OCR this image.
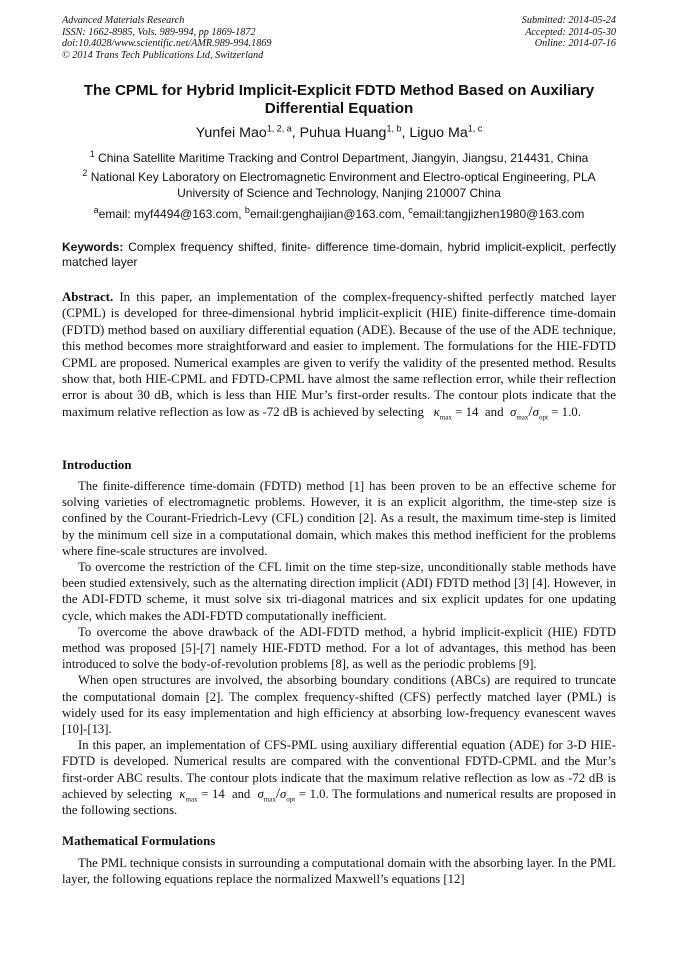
Advanced Materials Research
ISSN: 1662-8985, Vols. 989-994, pp 1869-1872
doi:10.4028/www.scientific.net/AMR.989-994.1869
© 2014 Trans Tech Publications Ltd, Switzerland
Submitted: 2014-05-24
Accepted: 2014-05-30
Online: 2014-07-16
The CPML for Hybrid Implicit-Explicit FDTD Method Based on Auxiliary Differential Equation
Yunfei Mao$^{1, 2, a}$, Puhua Huang$^{1, b}$, Liguo Ma$^{1, c}$
$^1$ China Satellite Maritime Tracking and Control Department, Jiangyin, Jiangsu, 214431, China
$^2$ National Key Laboratory on Electromagnetic Environment and Electro-optical Engineering, PLA University of Science and Technology, Nanjing 210007 China
$^a$email: myf4494@163.com, $^b$email:genghaijian@163.com, $^c$email:tangjizhen1980@163.com
Keywords: Complex frequency shifted, finite- difference time-domain, hybrid implicit-explicit, perfectly matched layer
Abstract. In this paper, an implementation of the complex-frequency-shifted perfectly matched layer (CPML) is developed for three-dimensional hybrid implicit-explicit (HIE) finite-difference time-domain (FDTD) method based on auxiliary differential equation (ADE). Because of the use of the ADE technique, this method becomes more straightforward and easier to implement. The formulations for the HIE-FDTD CPML are proposed. Numerical examples are given to verify the validity of the presented method. Results show that, both HIE-CPML and FDTD-CPML have almost the same reflection error, while their reflection error is about 30 dB, which is less than HIE Mur’s first-order results. The contour plots indicate that the maximum relative reflection as low as -72 dB is achieved by selecting $\kappa_{max} = 14$ and $\sigma_{max}/\sigma_{opt} = 1.0$.
Introduction

The finite-difference time-domain (FDTD) method [1] has been proven to be an effective scheme for solving varieties of electromagnetic problems. However, it is an explicit algorithm, the time-step size is confined by the Courant-Friedrich-Levy (CFL) condition [2]. As a result, the maximum time-step is limited by the minimum cell size in a computational domain, which makes this method inefficient for the problems where fine-scale structures are involved.

To overcome the restriction of the CFL limit on the time step-size, unconditionally stable methods have been studied extensively, such as the alternating direction implicit (ADI) FDTD method [3] [4]. However, in the ADI-FDTD scheme, it must solve six tri-diagonal matrices and six explicit updates for one updating cycle, which makes the ADI-FDTD computationally inefficient.

To overcome the above drawback of the ADI-FDTD method, a hybrid implicit-explicit (HIE) FDTD method was proposed [5]-[7] namely HIE-FDTD method. For a lot of advantages, this method has been introduced to solve the body-of-revolution problems [8], as well as the periodic problems [9].

When open structures are involved, the absorbing boundary conditions (ABCs) are required to truncate the computational domain [2]. The complex frequency-shifted (CFS) perfectly matched layer (PML) is widely used for its easy implementation and high efficiency at absorbing low-frequency evanescent waves [10]-[13].

In this paper, an implementation of CFS-PML using auxiliary differential equation (ADE) for 3-D HIE-FDTD is developed. Numerical results are compared with the conventional FDTD-CPML and the Mur’s first-order ABC results. The contour plots indicate that the maximum relative reflection as low as -72 dB is achieved by selecting $\kappa_{max} = 14$ and $\sigma_{max}/\sigma_{opt} = 1.0$. The formulations and numerical results are proposed in the following sections.

Mathematical Formulations

The PML technique consists in surrounding a computational domain with the absorbing layer. In the PML layer, the following equations replace the normalized Maxwell’s equations [12]
